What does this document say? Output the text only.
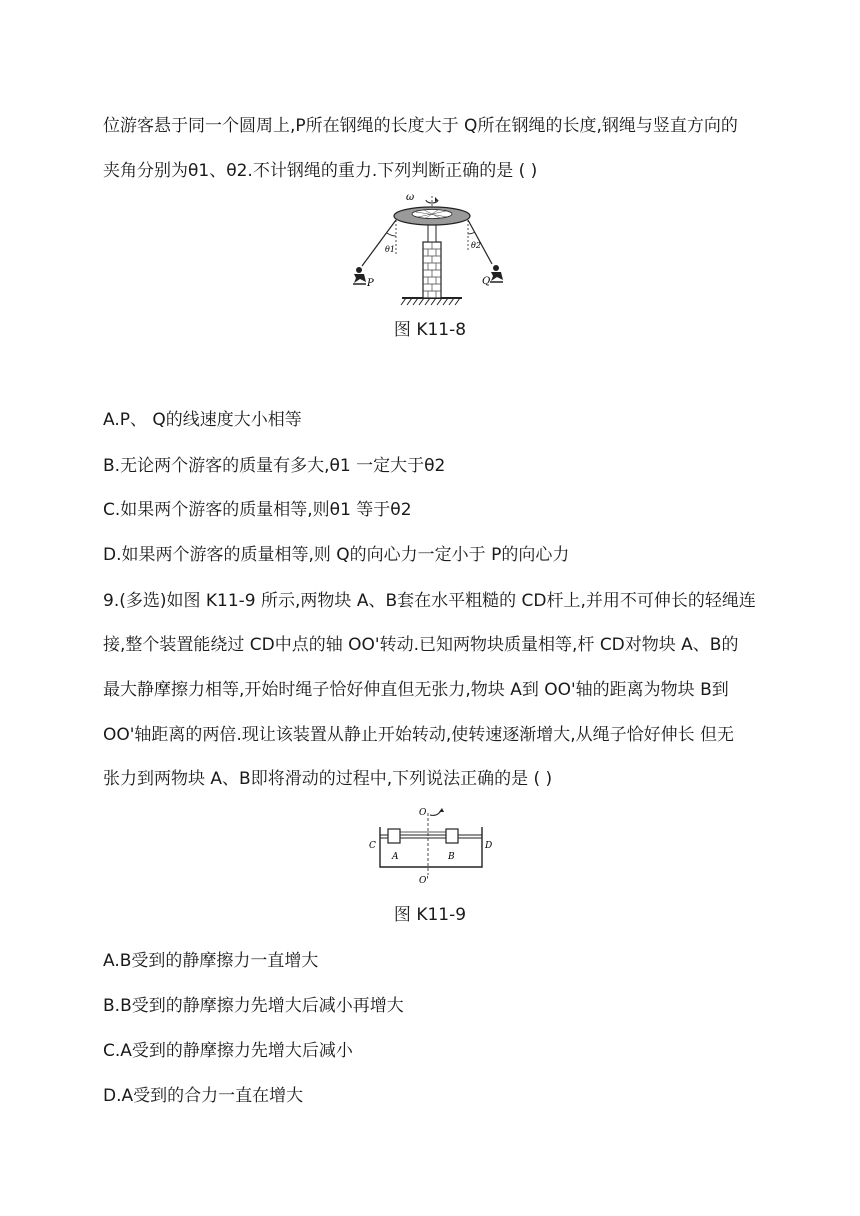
位游客悬于同一个圆周上,P所在钢绳的长度大于 Q所在钢绳的长度,钢绳与竖直方向的
夹角分别为θ1、θ2.不计钢绳的重力.下列判断正确的是 ( )
ω
θ1	θ2
P	Q
图 K11-8
A.P、 Q的线速度大小相等
B.无论两个游客的质量有多大,θ1 一定大于θ2
C.如果两个游客的质量相等,则θ1 等于θ2
D.如果两个游客的质量相等,则 Q的向心力一定小于 P的向心力
9.(多选)如图 K11-9 所示,两物块 A、B套在水平粗糙的 CD杆上,并用不可伸长的轻绳连
接,整个装置能绕过 CD中点的轴 OO'转动.已知两物块质量相等,杆 CD对物块 A、B的
最大静摩擦力相等,开始时绳子恰好伸直但无张力,物块 A到 OO'轴的距离为物块 B到
OO'轴距离的两倍.现让该装置从静止开始转动,使转速逐渐增大,从绳子恰好伸长 但无
张力到两物块 A、B即将滑动的过程中,下列说法正确的是 ( )
O
O'
C	D
A	B
图 K11-9
A.B受到的静摩擦力一直增大
B.B受到的静摩擦力先增大后减小再增大
C.A受到的静摩擦力先增大后减小
D.A受到的合力一直在增大
